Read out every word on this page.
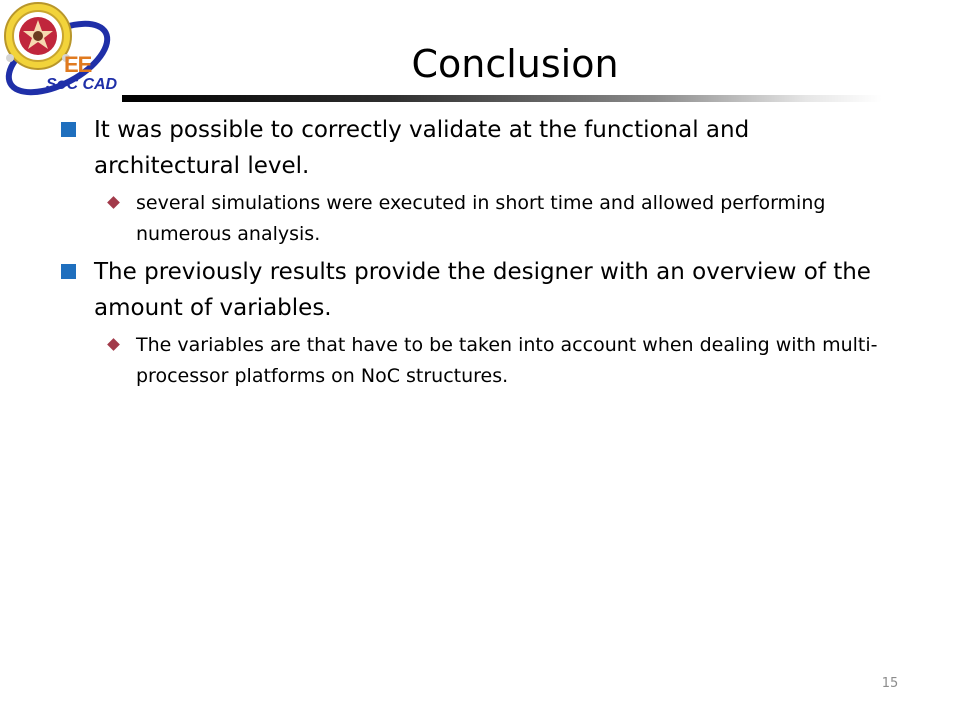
EE
SoC CAD	Conclusion
It was possible to correctly validate at the functional and architectural level.
several simulations were executed in short time and allowed performing numerous analysis.
The previously results provide the designer with an overview of the amount of variables.
The variables are that have to be taken into account when dealing with multi-processor platforms on NoC structures.
15
